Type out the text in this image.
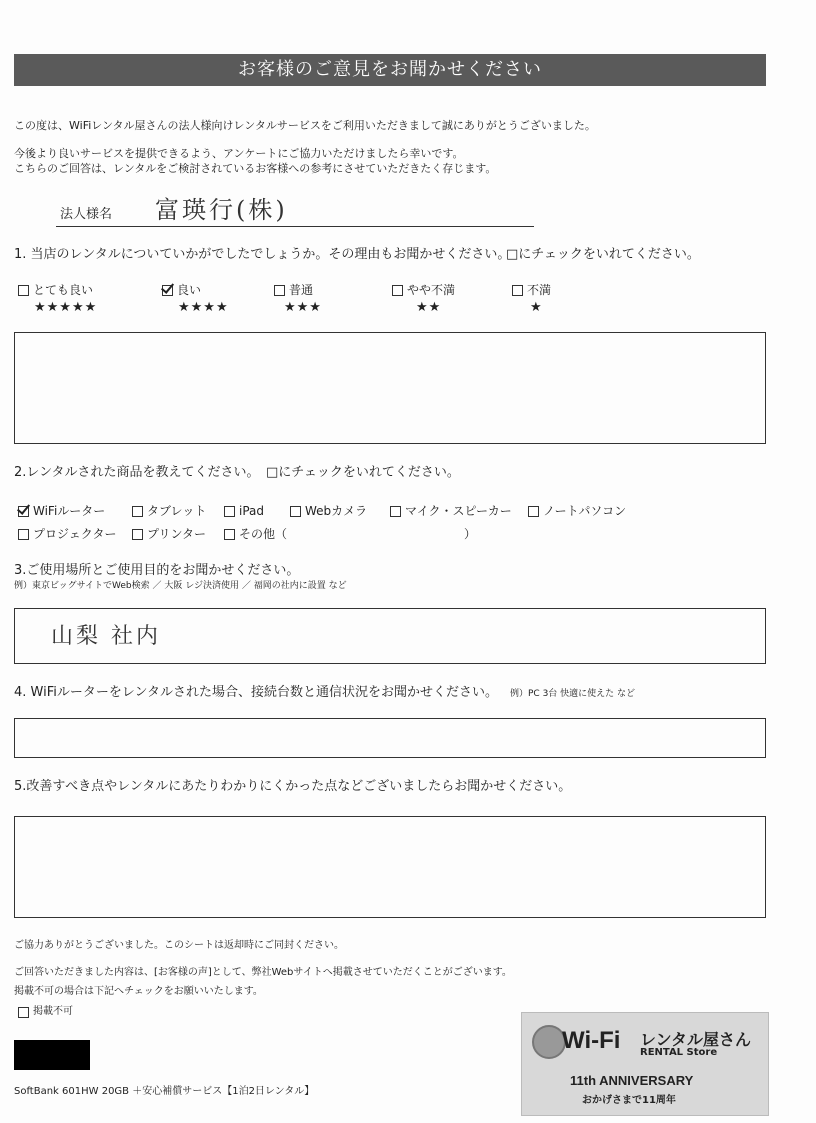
お客様のご意見をお聞かせください
この度は、WiFiレンタル屋さんの法人様向けレンタルサービスをご利用いただきまして誠にありがとうございました。
今後より良いサービスを提供できるよう、アンケートにご協力いただけましたら幸いです。
こちらのご回答は、レンタルをご検討されているお客様への参考にさせていただきたく存じます。
法人様名 富瑛行(株)
1. 当店のレンタルについていかがでしたでしょうか。その理由もお聞かせください。
□にチェックをいれてください。
とても良い
★★★★★
良い
★★★★
普通
★★★
やや不満
★★
不満
★
2.レンタルされた商品を教えてください。 □にチェックをいれてください。
WiFiルーター	タブレット	iPad	Webカメラ	マイク・スピーカー	ノートパソコン
プロジェクター	プリンター	その他（	）
3.ご使用場所とご使用目的をお聞かせください。
例）東京ビッグサイトでWeb検索 ／ 大阪 レジ決済使用 ／ 福岡の社内に設置 など
山梨 社内
4. WiFiルーターをレンタルされた場合、接続台数と通信状況をお聞かせください。 例）PC 3台 快適に使えた など
5.改善すべき点やレンタルにあたりわかりにくかった点などございましたらお聞かせください。
ご協力ありがとうございました。このシートは返却時にご同封ください。
ご回答いただきました内容は、[お客様の声]として、弊社Webサイトへ掲載させていただくことがございます。
掲載不可の場合は下記へチェックをお願いいたします。
掲載不可
SoftBank 601HW 20GB ＋安心補償サービス【1泊2日レンタル】
Wi-Fi レンタル屋さん
RENTAL Store
11th ANNIVERSARY
おかげさまで11周年
